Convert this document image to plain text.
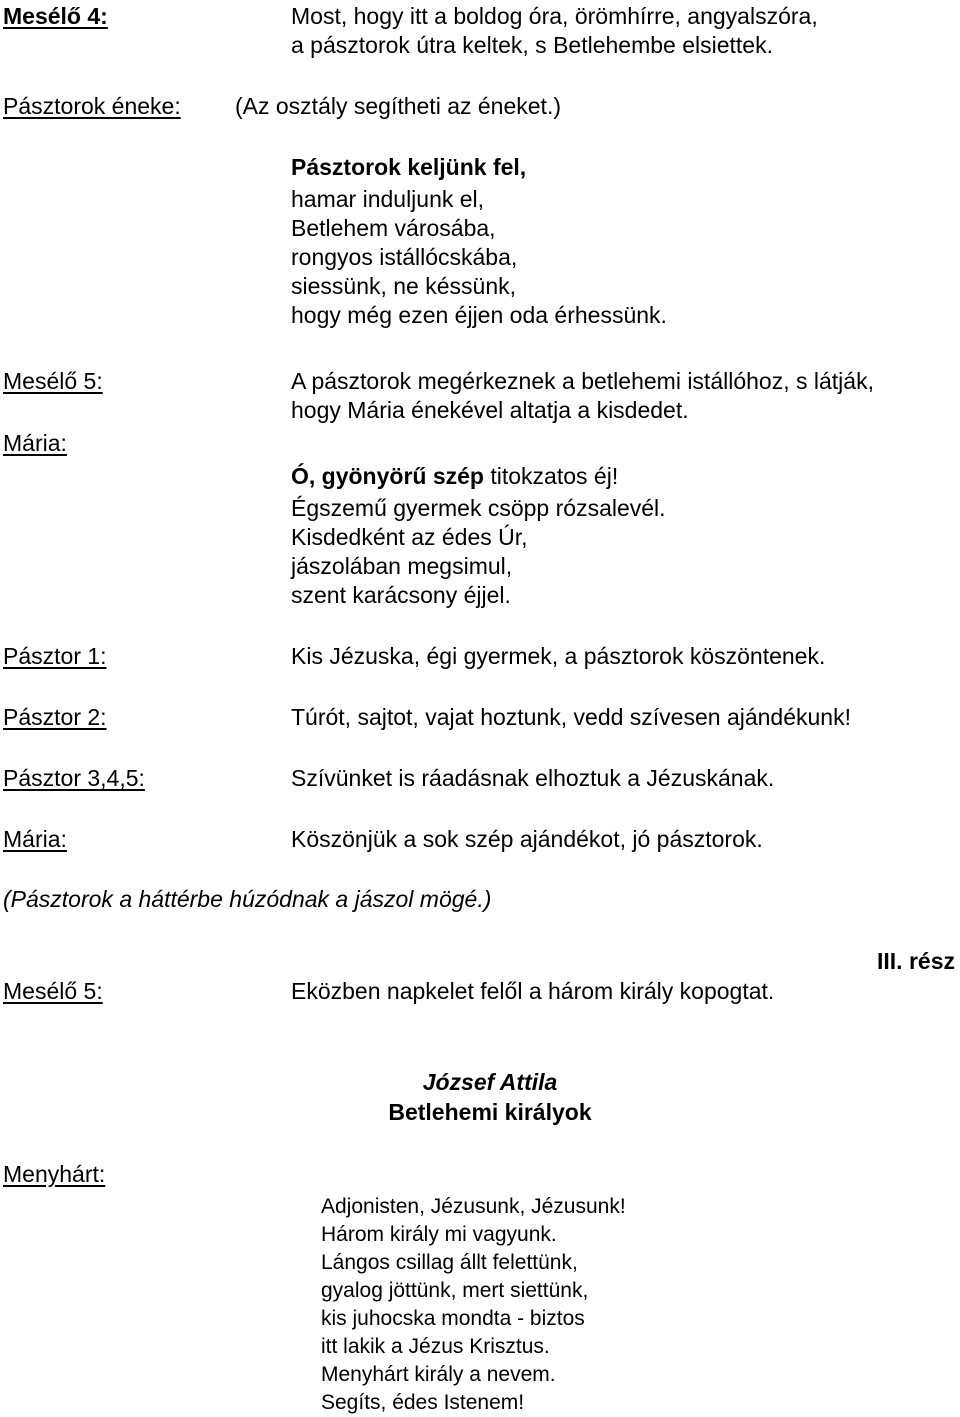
Mesélő 4:	Most, hogy itt a boldog óra, örömhírre, angyalszóra,
a pásztorok útra keltek, s Betlehembe elsiettek.
Pásztorok éneke: (Az osztály segítheti az éneket.)
Pásztorok keljünk fel,
hamar induljunk el,
Betlehem városába,
rongyos istállócskába,
siessünk, ne késsünk,
hogy még ezen éjjen oda érhessünk.
Mesélő 5:	A pásztorok megérkeznek a betlehemi istállóhoz, s látják,
hogy Mária énekével altatja a kisdedet.
Mária:
Ó, gyönyörű szép titokzatos éj!
Égszemű gyermek csöpp rózsalevél.
Kisdedként az édes Úr,
jászolában megsimul,
szent karácsony éjjel.
Pásztor 1:	Kis Jézuska, égi gyermek, a pásztorok köszöntenek.
Pásztor 2:	Túrót, sajtot, vajat hoztunk, vedd szívesen ajándékunk!
Pásztor 3,4,5:	Szívünket is ráadásnak elhoztuk a Jézuskának.
Mária:	Köszönjük a sok szép ajándékot, jó pásztorok.
(Pásztorok a háttérbe húzódnak a jászol mögé.)
III. rész
Mesélő 5:	Eközben napkelet felől a három király kopogtat.
József Attila
Betlehemi királyok
Menyhárt:
Adjonisten, Jézusunk, Jézusunk!
Három király mi vagyunk.
Lángos csillag állt felettünk,
gyalog jöttünk, mert siettünk,
kis juhocska mondta - biztos
itt lakik a Jézus Krisztus.
Menyhárt király a nevem.
Segíts, édes Istenem!
